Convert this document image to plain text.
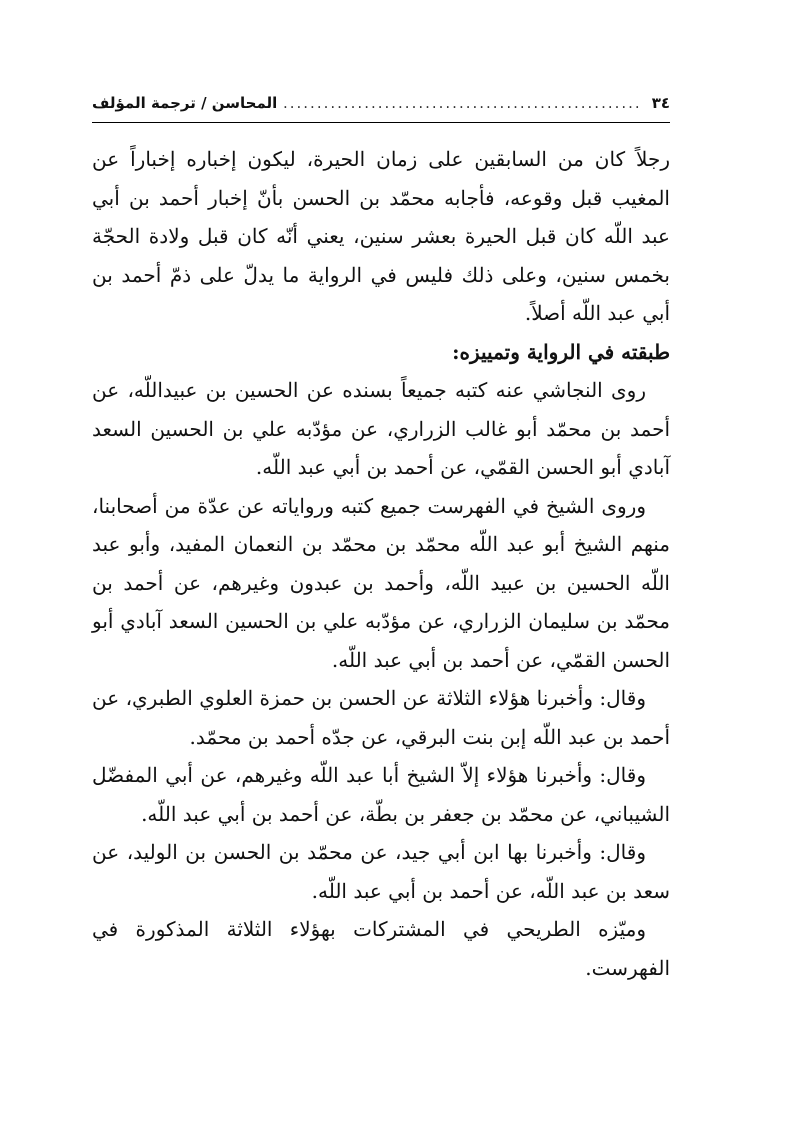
٣٤
.....
المحاسن / ترجمة المؤلف

رجلاً كان من السابقين على زمان الحيرة، ليكون إخباره إخباراً عن المغيب قبل وقوعه، فأجابه محمّد بن الحسن بأنّ إخبار أحمد بن أبي عبد اللّه كان قبل الحيرة بعشر سنين، يعني أنّه كان قبل ولادة الحجّة بخمس سنين، وعلى ذلك فليس في الرواية ما يدلّ على ذمّ أحمد بن أبي عبد اللّه أصلاً.

طبقته في الرواية وتمييزه:

روى النجاشي عنه كتبه جميعاً بسنده عن الحسين بن عبيداللّه، عن أحمد بن محمّد أبو غالب الزراري، عن مؤدّبه علي بن الحسين السعد آبادي أبو الحسن القمّي، عن أحمد بن أبي عبد اللّه.

وروى الشيخ في الفهرست جميع كتبه ورواياته عن عدّة من أصحابنا، منهم الشيخ أبو عبد اللّه محمّد بن محمّد بن النعمان المفيد، وأبو عبد اللّه الحسين بن عبيد اللّه، وأحمد بن عبدون وغيرهم، عن أحمد بن محمّد بن سليمان الزراري، عن مؤدّبه علي بن الحسين السعد آبادي أبو الحسن القمّي، عن أحمد بن أبي عبد اللّه.

وقال: وأخبرنا هؤلاء الثلاثة عن الحسن بن حمزة العلوي الطبري، عن أحمد بن عبد اللّه إبن بنت البرقي، عن جدّه أحمد بن محمّد.

وقال: وأخبرنا هؤلاء إلاّ الشيخ أبا عبد اللّه وغيرهم، عن أبي المفضّل الشيباني، عن محمّد بن جعفر بن بطّة، عن أحمد بن أبي عبد اللّه.

وقال: وأخبرنا بها ابن أبي جيد، عن محمّد بن الحسن بن الوليد، عن سعد بن عبد اللّه، عن أحمد بن أبي عبد اللّه.

وميّزه الطريحي في المشتركات بهؤلاء الثلاثة المذكورة في الفهرست.
